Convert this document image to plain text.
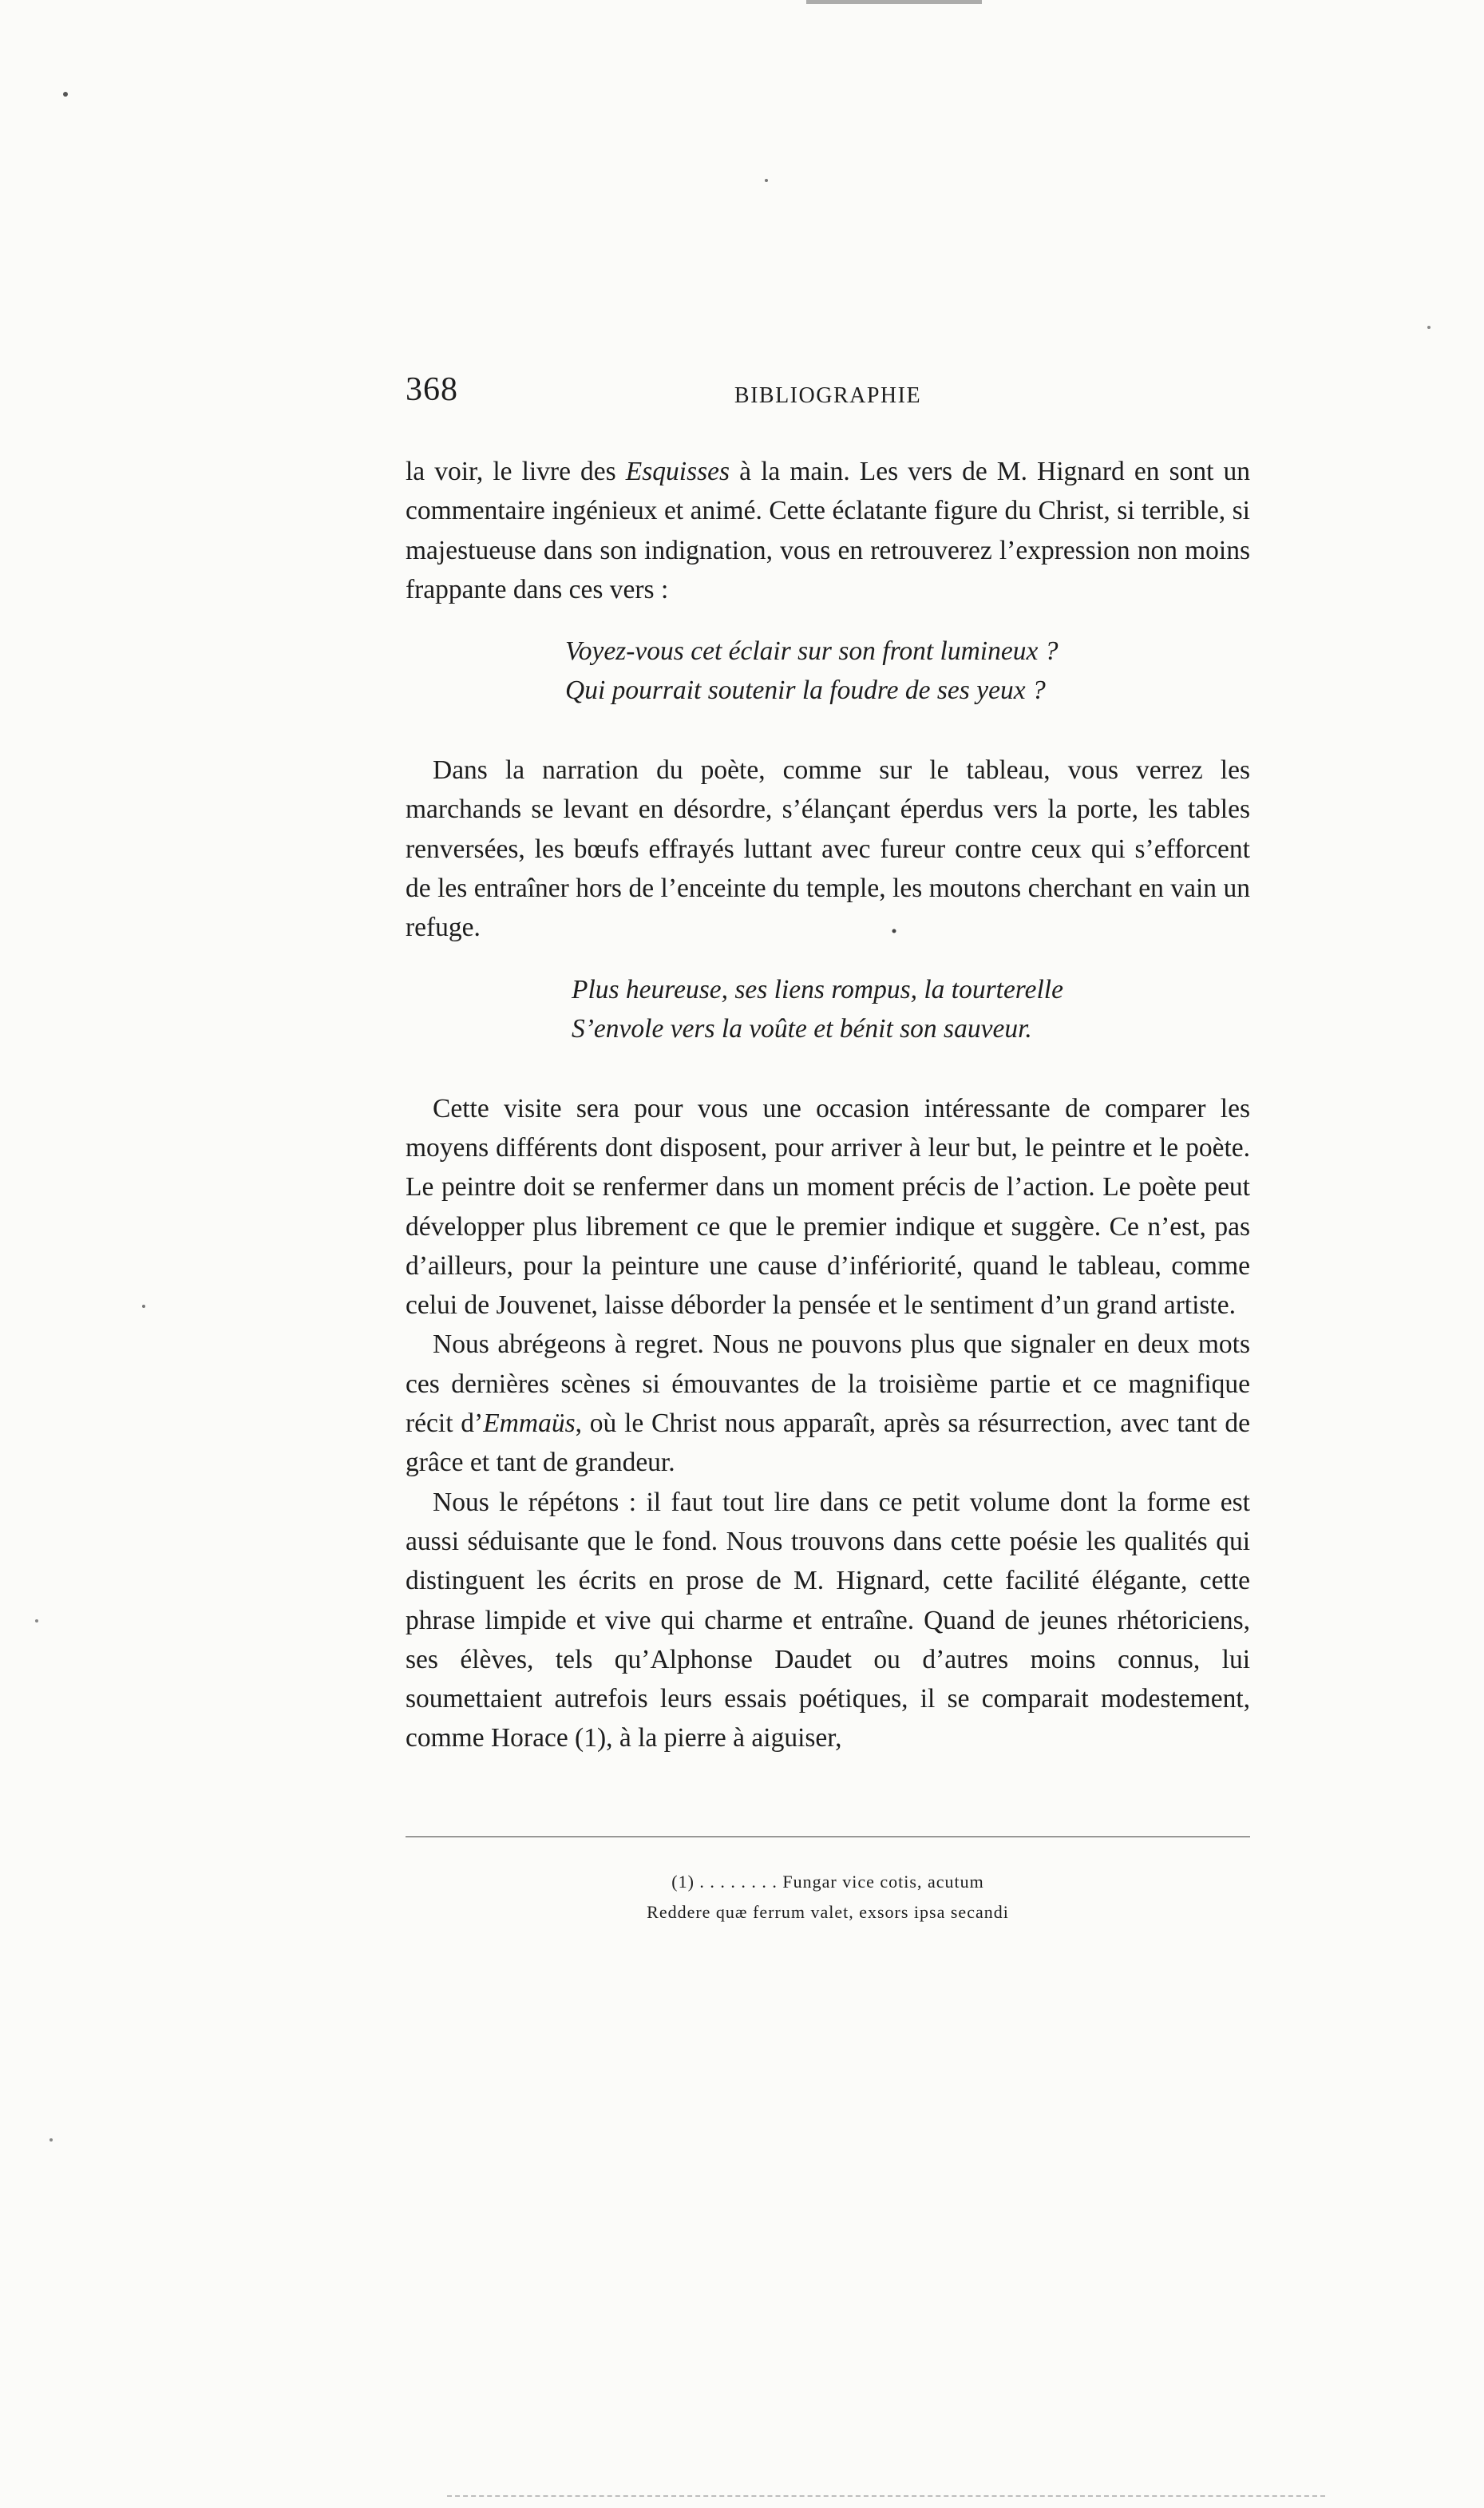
368	BIBLIOGRAPHIE

la voir, le livre des Esquisses à la main. Les vers de M. Hignard en sont un commentaire ingénieux et animé. Cette éclatante figure du Christ, si terrible, si majestueuse dans son indignation, vous en retrouverez l’expression non moins frappante dans ces vers :

Voyez-vous cet éclair sur son front lumineux ?
Qui pourrait soutenir la foudre de ses yeux ?

Dans la narration du poète, comme sur le tableau, vous verrez les marchands se levant en désordre, s’élançant éperdus vers la porte, les tables renversées, les bœufs effrayés luttant avec fureur contre ceux qui s’efforcent de les entraîner hors de l’enceinte du temple, les moutons cherchant en vain un refuge.

Plus heureuse, ses liens rompus, la tourterelle
S’envole vers la voûte et bénit son sauveur.

Cette visite sera pour vous une occasion intéressante de comparer les moyens différents dont disposent, pour arriver à leur but, le peintre et le poète. Le peintre doit se renfermer dans un moment précis de l’action. Le poète peut développer plus librement ce que le premier indique et suggère. Ce n’est, pas d’ailleurs, pour la peinture une cause d’infériorité, quand le tableau, comme celui de Jouvenet, laisse déborder la pensée et le sentiment d’un grand artiste.

Nous abrégeons à regret. Nous ne pouvons plus que signaler en deux mots ces dernières scènes si émouvantes de la troisième partie et ce magnifique récit d’Emmaüs, où le Christ nous apparaît, après sa résurrection, avec tant de grâce et tant de grandeur.

Nous le répétons : il faut tout lire dans ce petit volume dont la forme est aussi séduisante que le fond. Nous trouvons dans cette poésie les qualités qui distinguent les écrits en prose de M. Hignard, cette facilité élégante, cette phrase limpide et vive qui charme et entraîne. Quand de jeunes rhétoriciens, ses élèves, tels qu’Alphonse Daudet ou d’autres moins connus, lui soumettaient autrefois leurs essais poétiques, il se comparait modestement, comme Horace (1), à la pierre à aiguiser,

(1) . . . . . . . . Fungar vice cotis, acutum
Reddere quæ ferrum valet, exsors ipsa secandi
